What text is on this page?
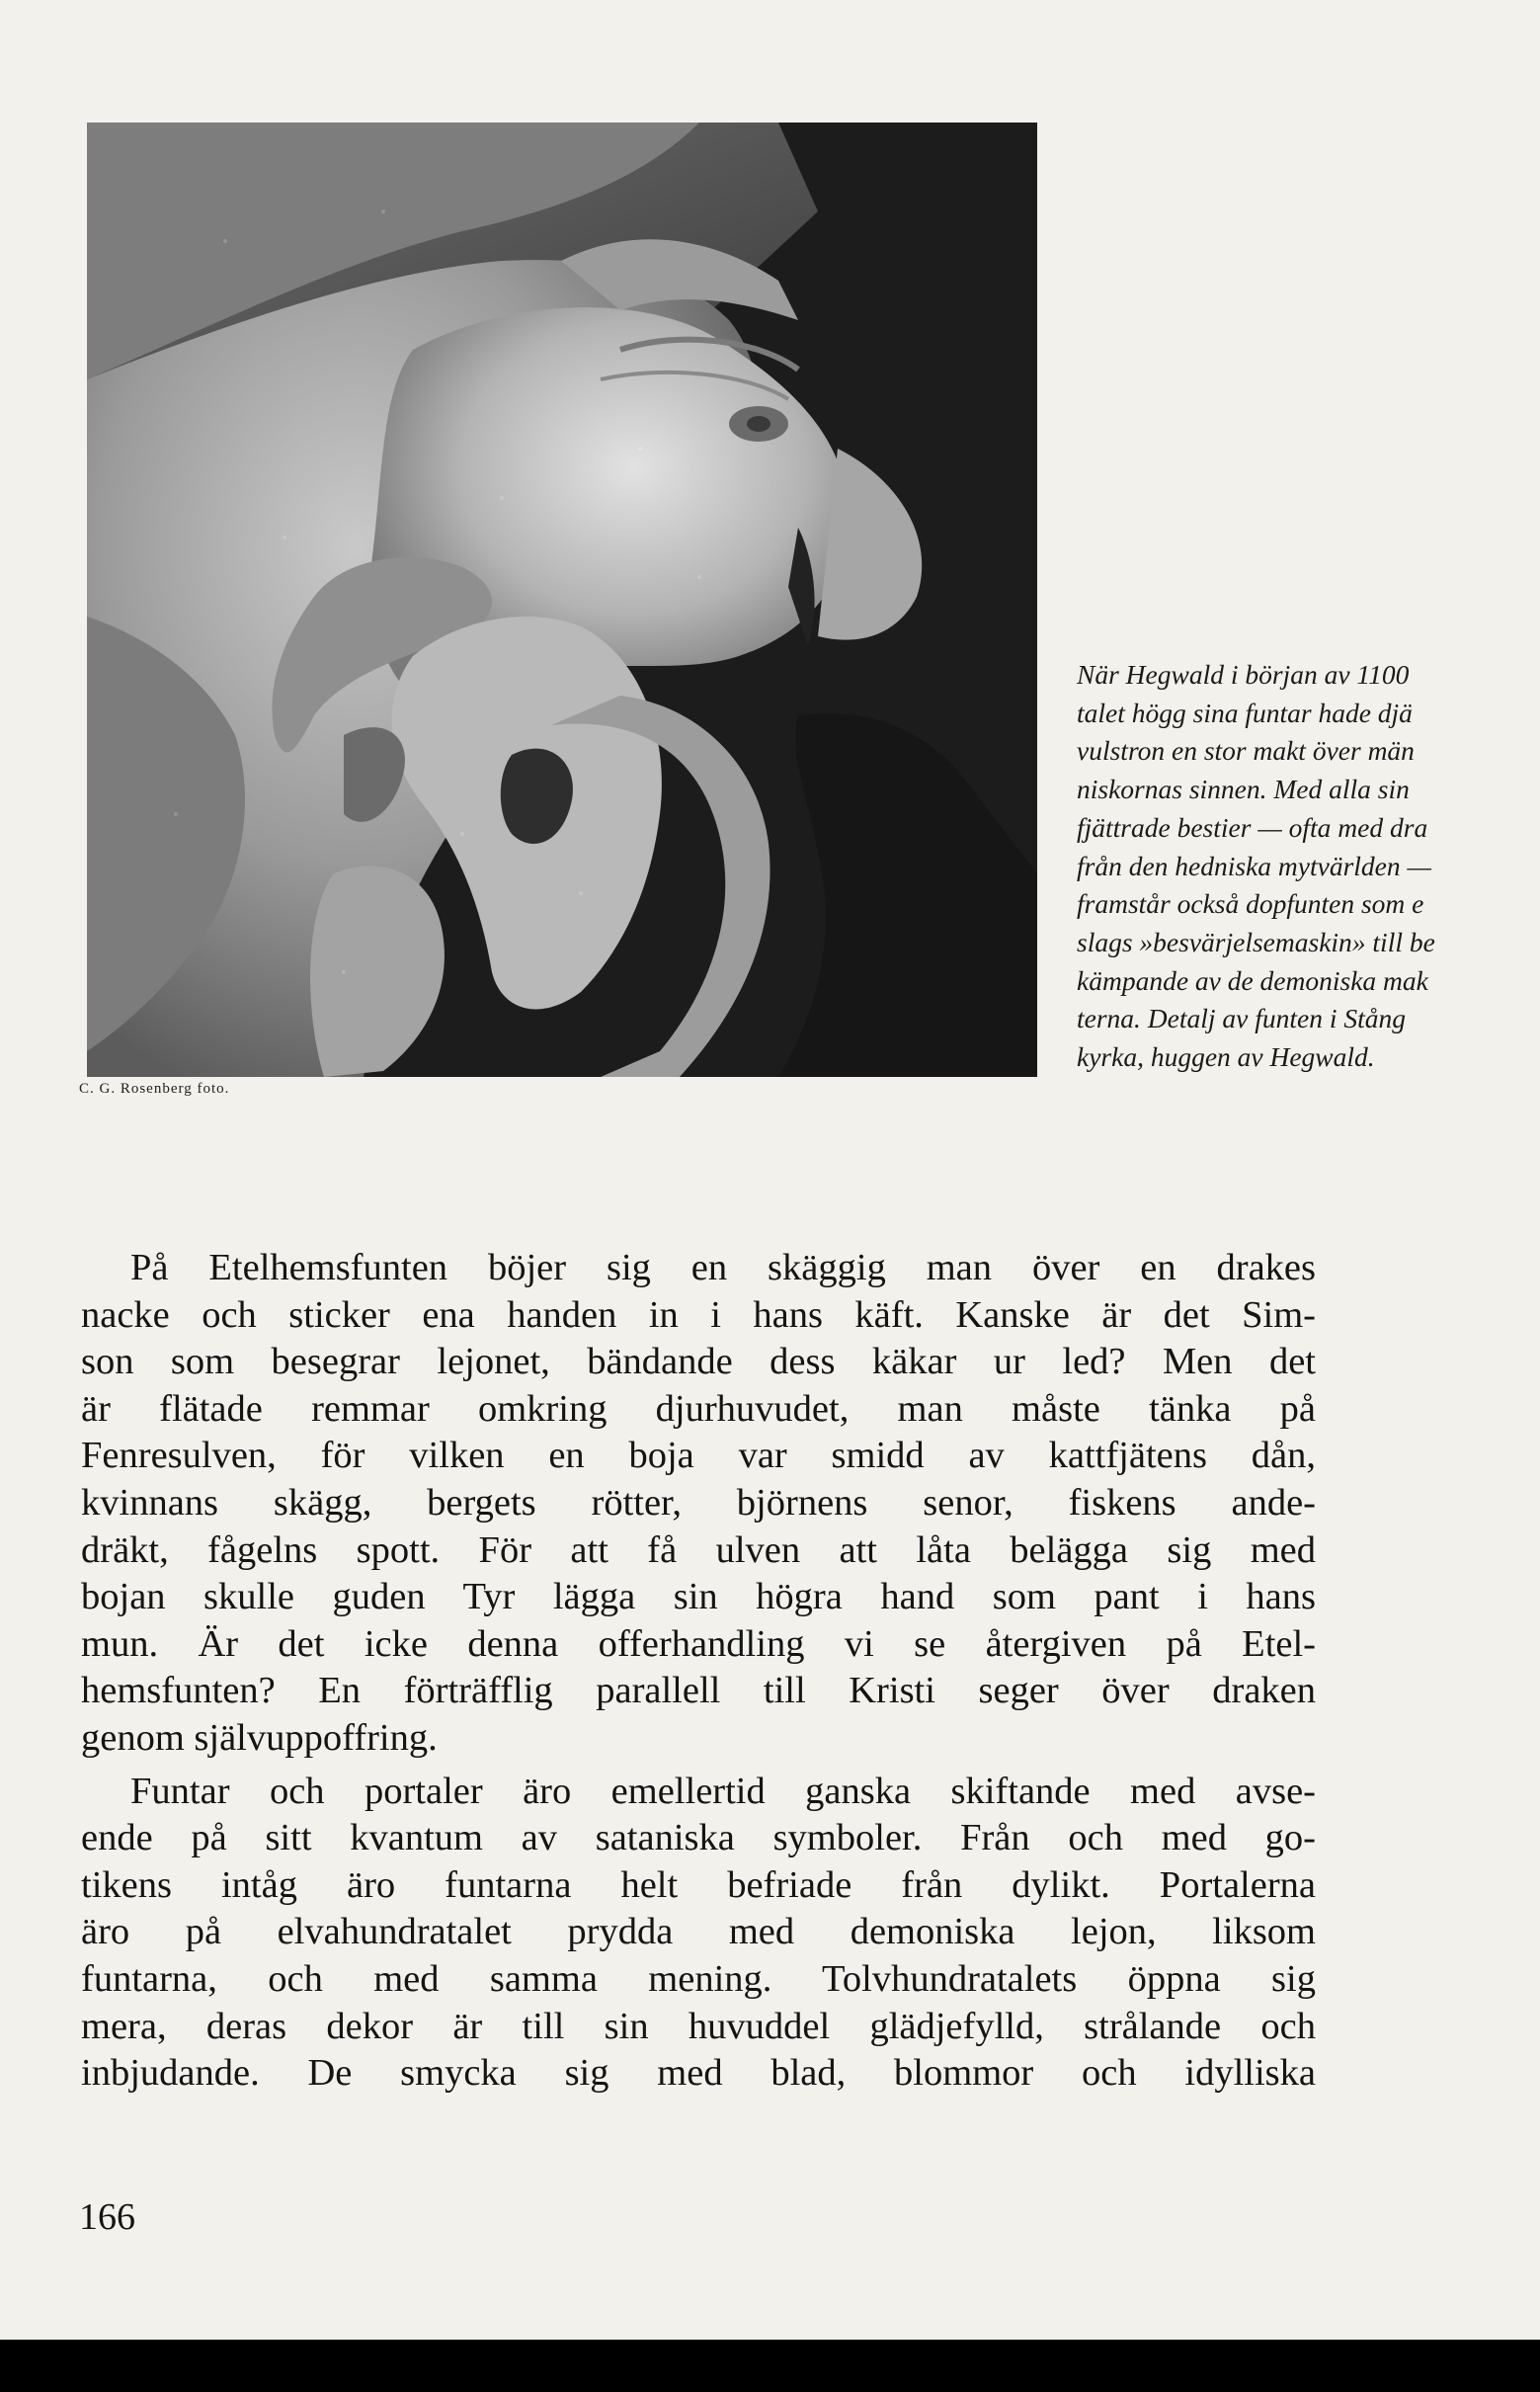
C. G. Rosenberg foto.
När Hegwald i början av 1100
talet högg sina funtar hade djä
vulstron en stor makt över män
niskornas sinnen. Med alla sin
fjättrade bestier — ofta med dra
från den hedniska mytvärlden —
framstår också dopfunten som e
slags »besvärjelsemaskin» till be
kämpande av de demoniska mak
terna. Detalj av funten i Stång
kyrka, huggen av Hegwald.
På Etelhemsfunten böjer sig en skäggig man över en drakes
nacke och sticker ena handen in i hans käft. Kanske är det Sim-
son som besegrar lejonet, bändande dess käkar ur led? Men det
är flätade remmar omkring djurhuvudet, man måste tänka på
Fenresulven, för vilken en boja var smidd av kattfjätens dån,
kvinnans skägg, bergets rötter, björnens senor, fiskens ande-
dräkt, fågelns spott. För att få ulven att låta belägga sig med
bojan skulle guden Tyr lägga sin högra hand som pant i hans
mun. Är det icke denna offerhandling vi se återgiven på Etel-
hemsfunten? En förträfflig parallell till Kristi seger över draken
genom självuppoffring.
Funtar och portaler äro emellertid ganska skiftande med avse-
ende på sitt kvantum av sataniska symboler. Från och med go-
tikens intåg äro funtarna helt befriade från dylikt. Portalerna
äro på elvahundratalet prydda med demoniska lejon, liksom
funtarna, och med samma mening. Tolvhundratalets öppna sig
mera, deras dekor är till sin huvuddel glädjefylld, strålande och
inbjudande. De smycka sig med blad, blommor och idylliska
166
